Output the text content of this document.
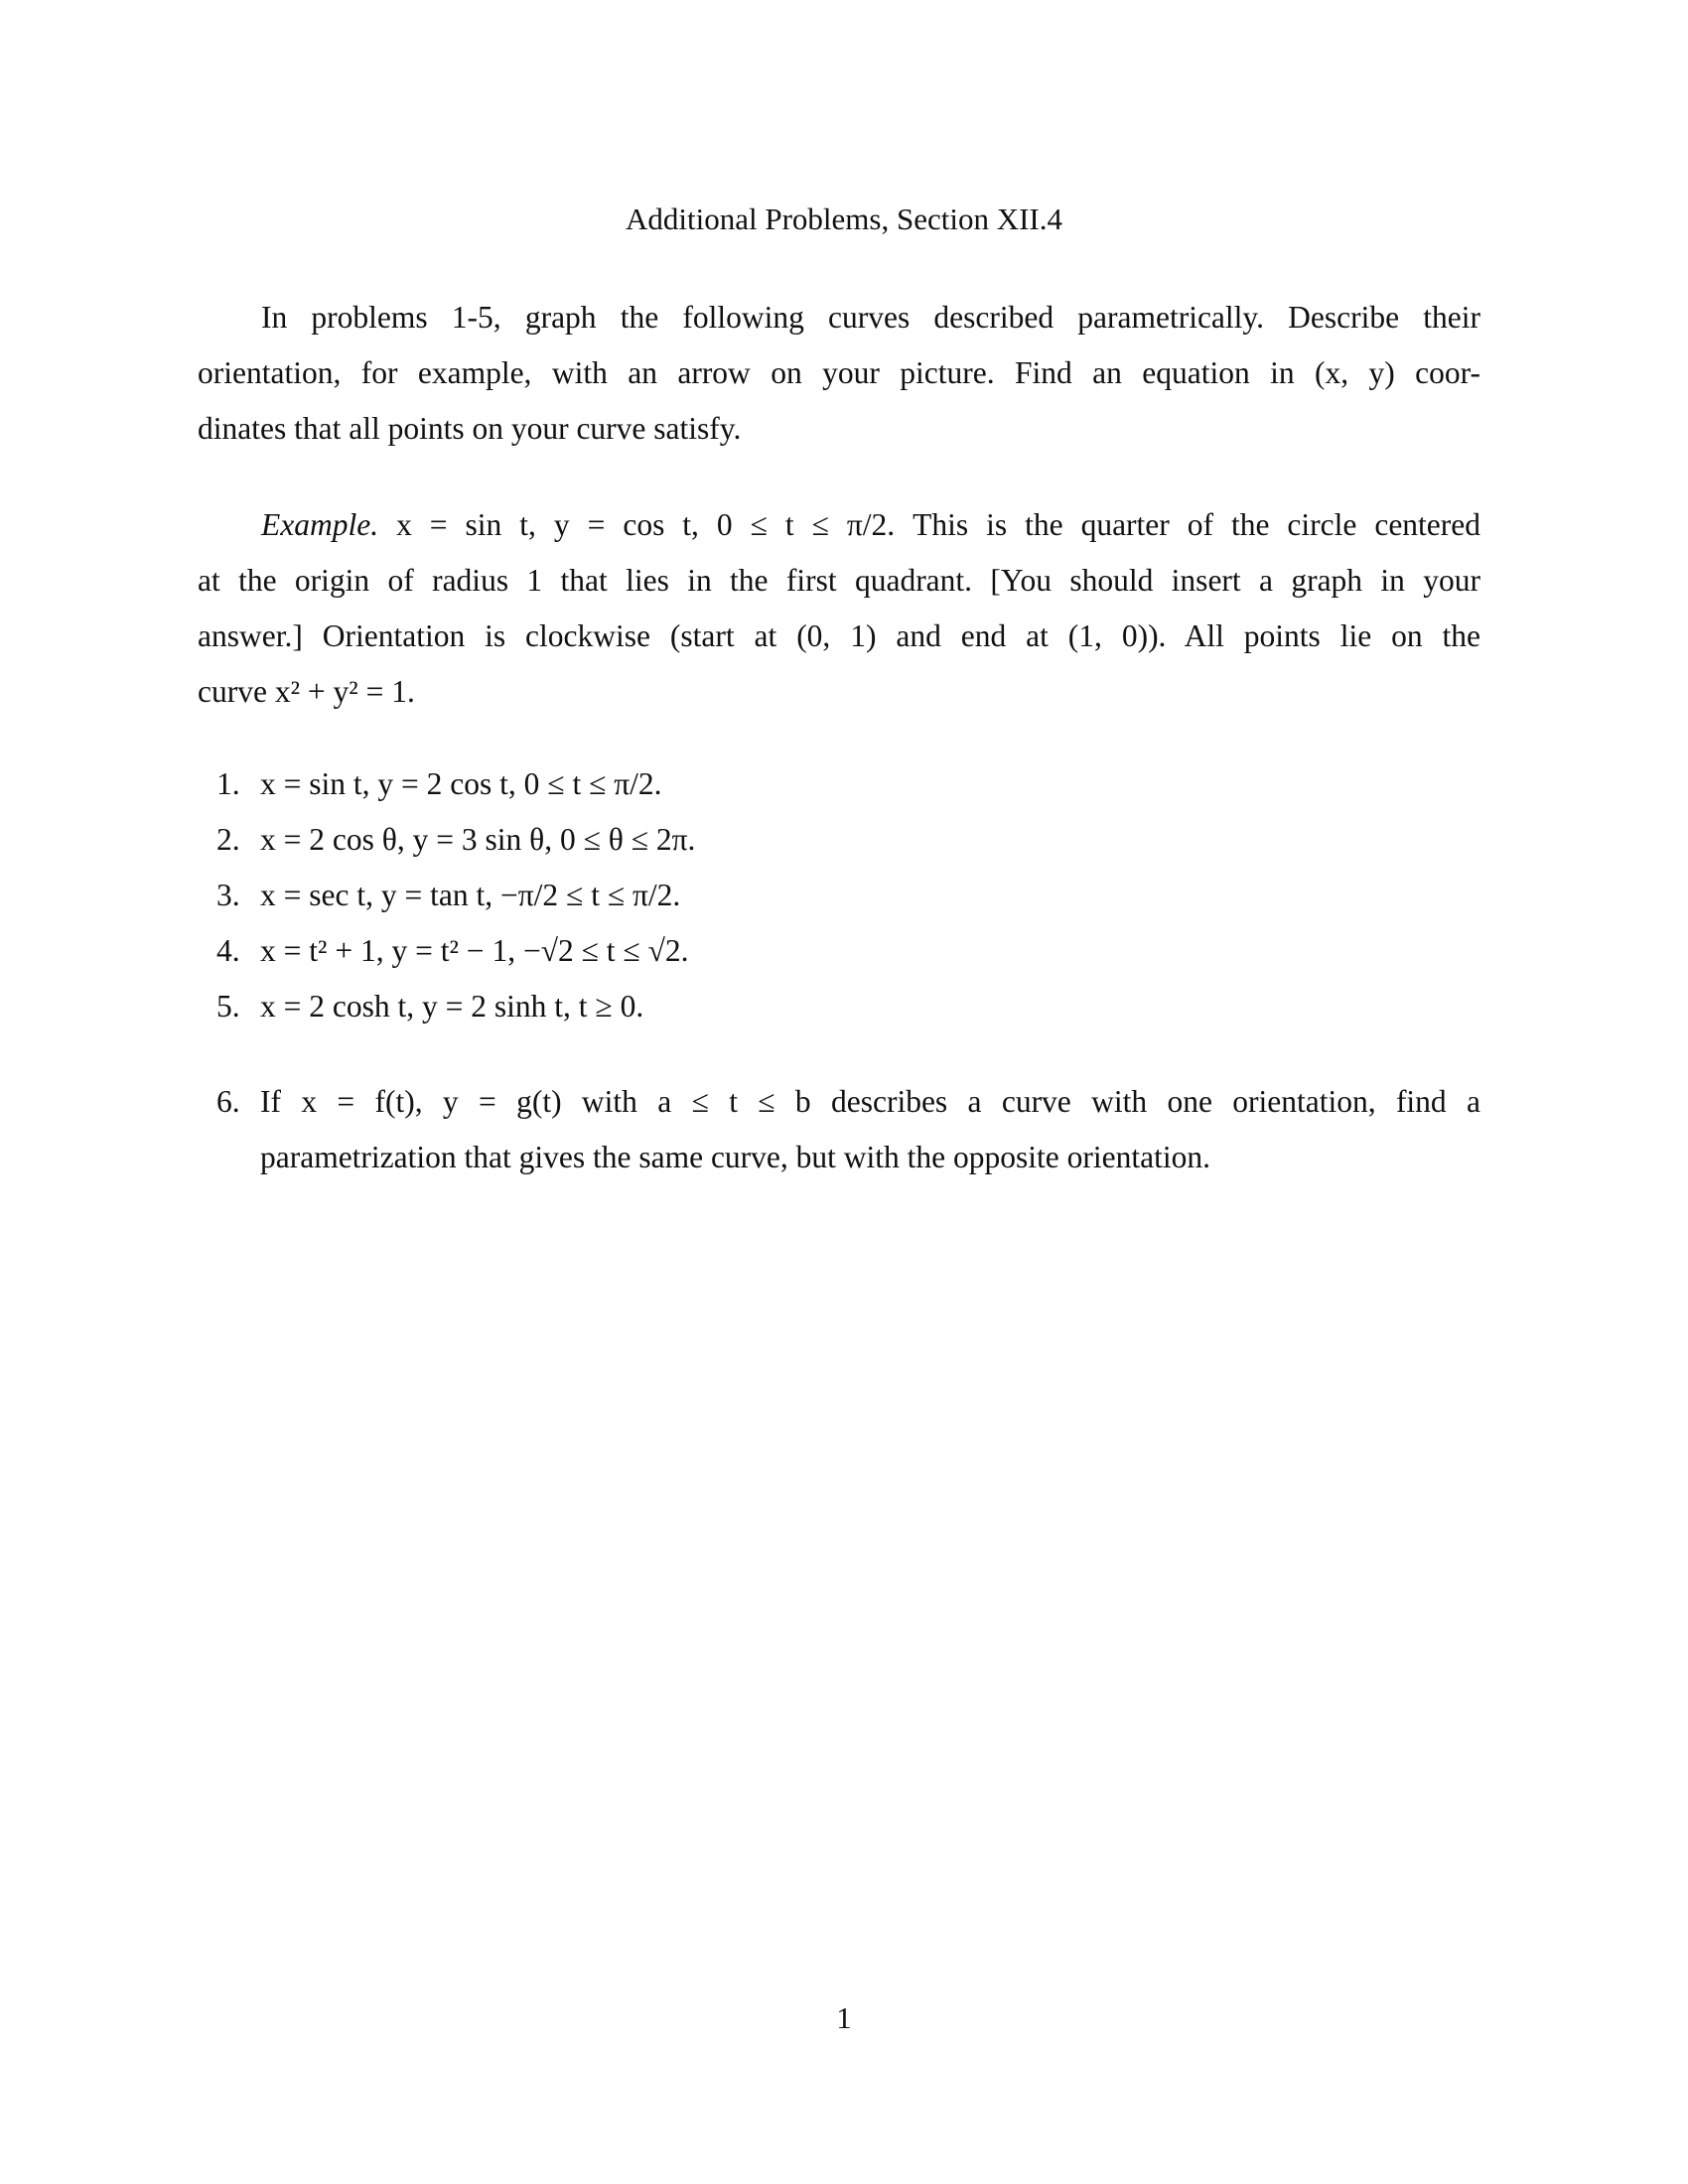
Additional Problems, Section XII.4
In problems 1-5, graph the following curves described parametrically. Describe their
orientation, for example, with an arrow on your picture. Find an equation in (x, y) coor-
dinates that all points on your curve satisfy.
Example. x = sin t, y = cos t, 0 ≤ t ≤ π/2. This is the quarter of the circle centered
at the origin of radius 1 that lies in the first quadrant. [You should insert a graph in your
answer.] Orientation is clockwise (start at (0, 1) and end at (1, 0)). All points lie on the
curve x² + y² = 1.
1. x = sin t, y = 2 cos t, 0 ≤ t ≤ π/2.
2. x = 2 cos θ, y = 3 sin θ, 0 ≤ θ ≤ 2π.
3. x = sec t, y = tan t, −π/2 ≤ t ≤ π/2.
4. x = t² + 1, y = t² − 1, −√2 ≤ t ≤ √2.
5. x = 2 cosh t, y = 2 sinh t, t ≥ 0.
6. If x = f(t), y = g(t) with a ≤ t ≤ b describes a curve with one orientation, find a
parametrization that gives the same curve, but with the opposite orientation.
1
